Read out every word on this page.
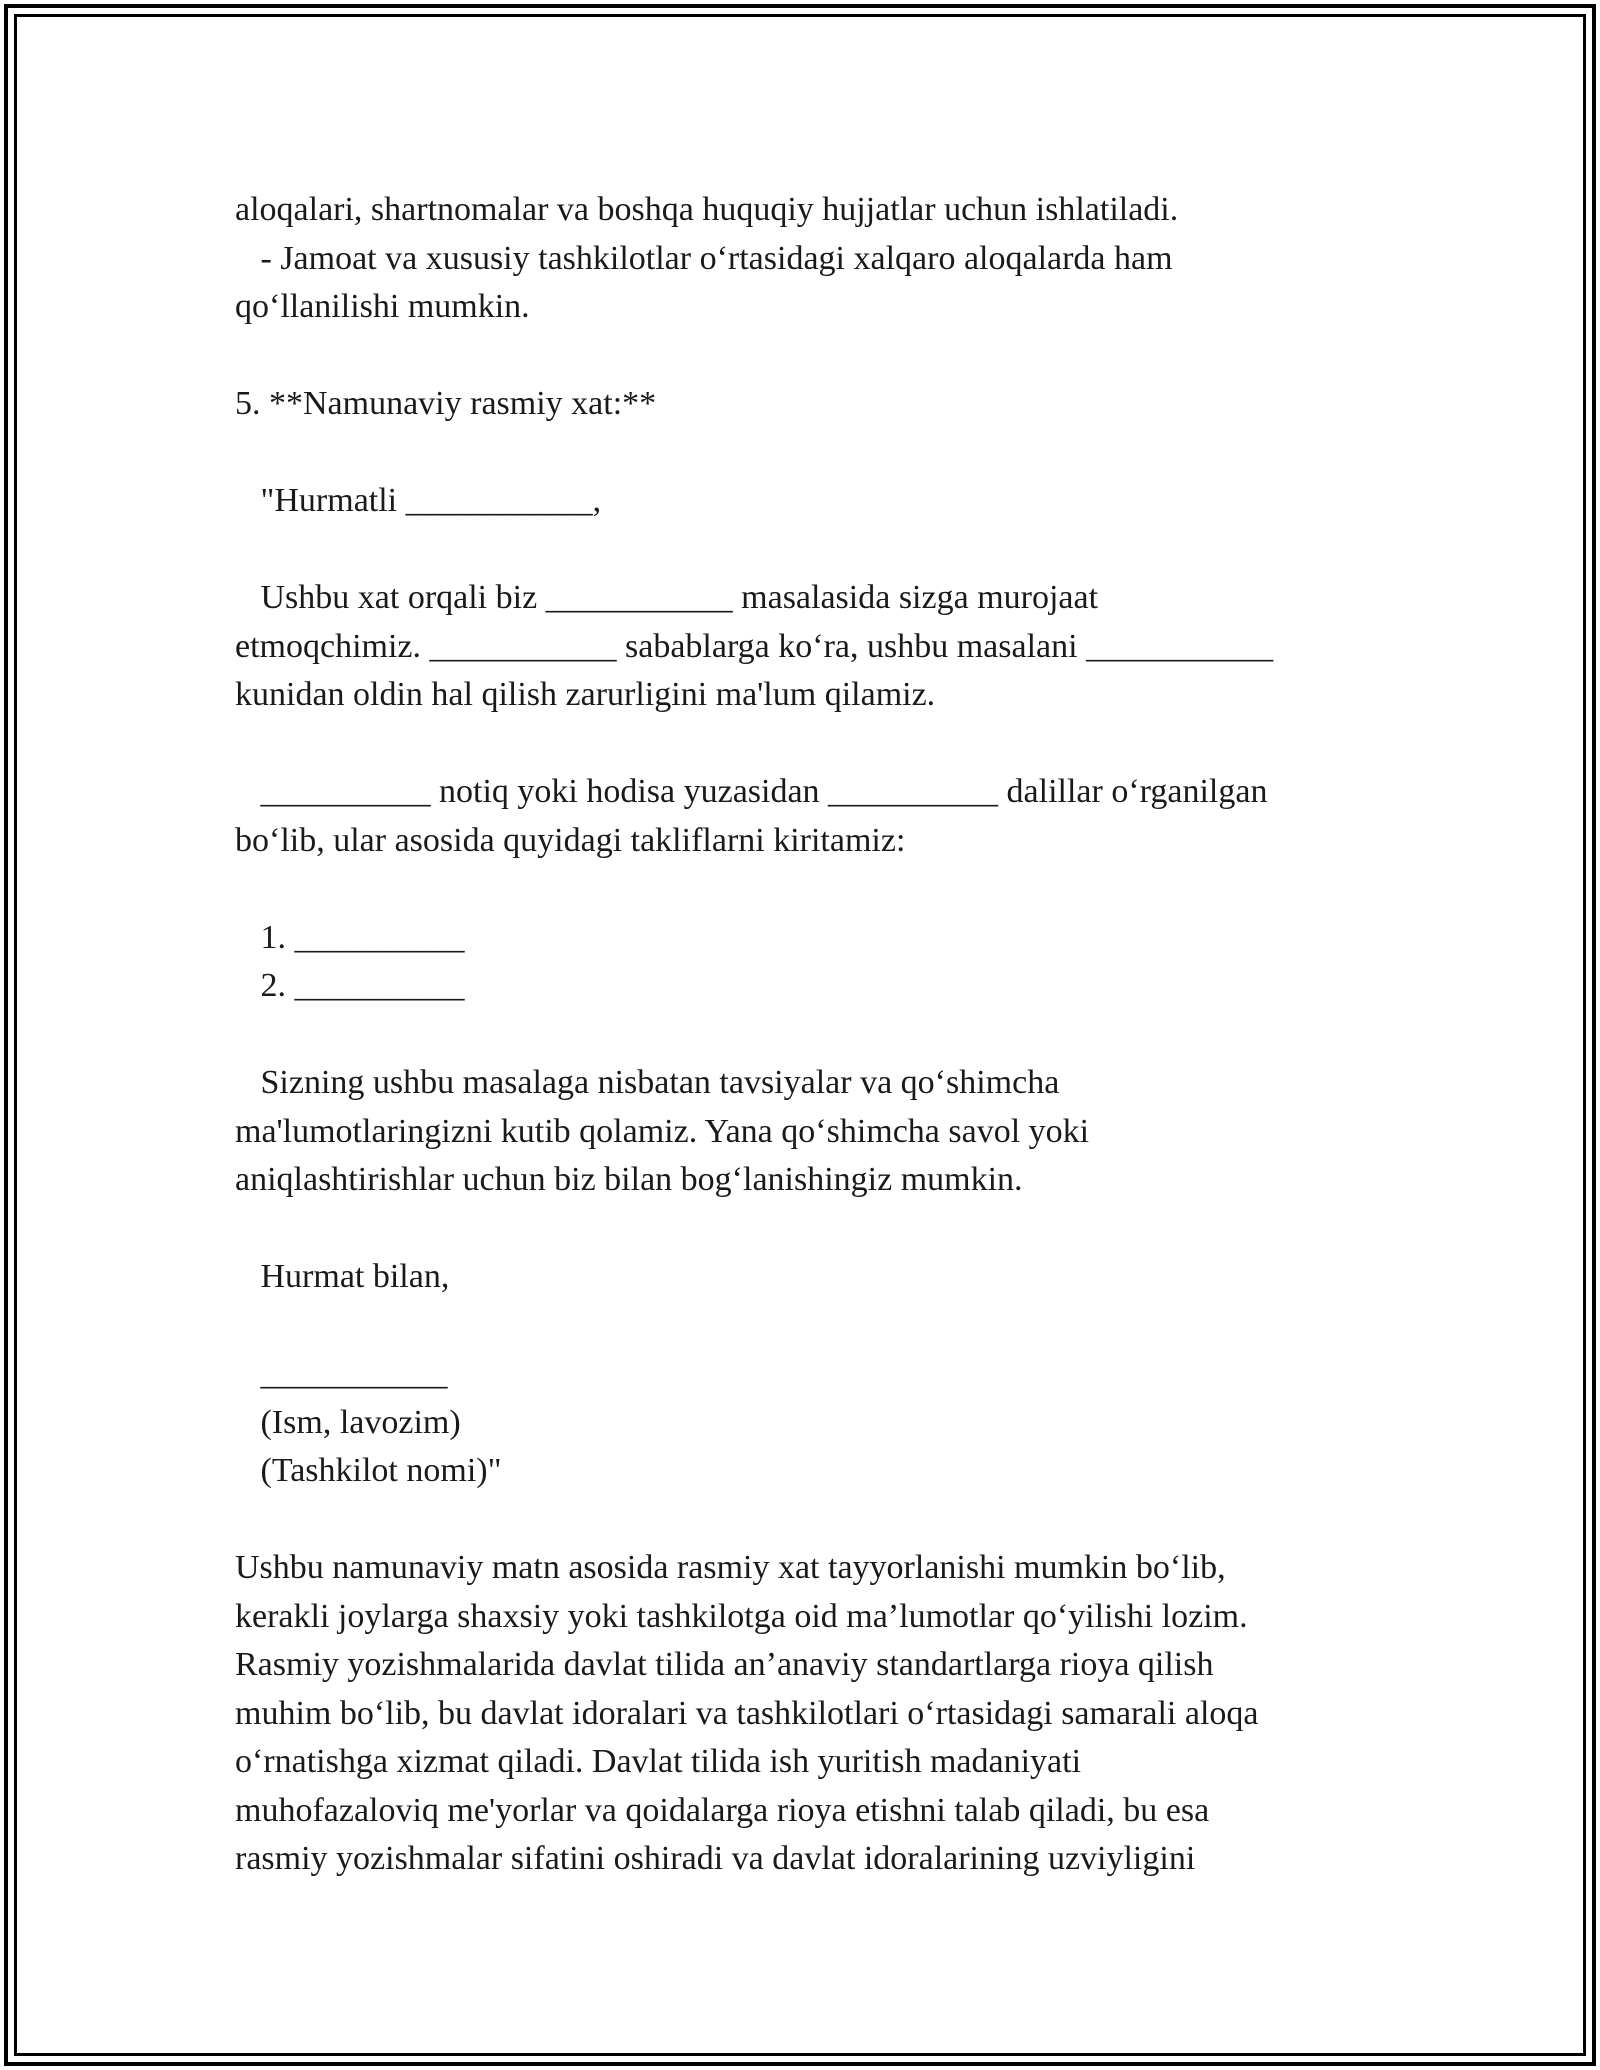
aloqalari, shartnomalar va boshqa huquqiy hujjatlar uchun ishlatiladi.
- Jamoat va xususiy tashkilotlar o‘rtasidagi xalqaro aloqalarda ham
qo‘llanilishi mumkin.
5. **Namunaviy rasmiy xat:**
"Hurmatli ___________,
Ushbu xat orqali biz ___________ masalasida sizga murojaat
etmoqchimiz. ___________ sabablarga ko‘ra, ushbu masalani ___________
kunidan oldin hal qilish zarurligini ma'lum qilamiz.
__________ notiq yoki hodisa yuzasidan __________ dalillar o‘rganilgan
bo‘lib, ular asosida quyidagi takliflarni kiritamiz:
1. __________
2. __________
Sizning ushbu masalaga nisbatan tavsiyalar va qo‘shimcha
ma'lumotlaringizni kutib qolamiz. Yana qo‘shimcha savol yoki
aniqlashtirishlar uchun biz bilan bog‘lanishingiz mumkin.
Hurmat bilan,
___________
(Ism, lavozim)
(Tashkilot nomi)"
Ushbu namunaviy matn asosida rasmiy xat tayyorlanishi mumkin bo‘lib,
kerakli joylarga shaxsiy yoki tashkilotga oid ma’lumotlar qo‘yilishi lozim.
Rasmiy yozishmalarida davlat tilida an’anaviy standartlarga rioya qilish
muhim bo‘lib, bu davlat idoralari va tashkilotlari o‘rtasidagi samarali aloqa
o‘rnatishga xizmat qiladi. Davlat tilida ish yuritish madaniyati
muhofazaloviq me'yorlar va qoidalarga rioya etishni talab qiladi, bu esa
rasmiy yozishmalar sifatini oshiradi va davlat idoralarining uzviyligini
